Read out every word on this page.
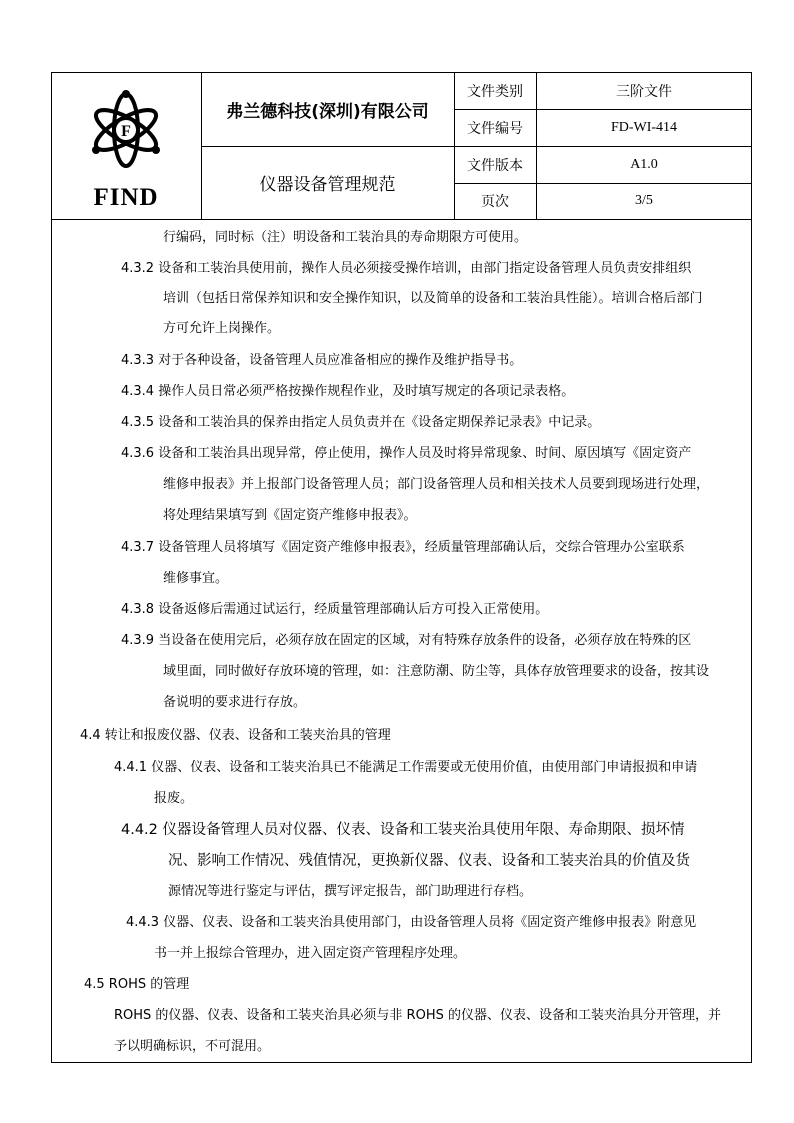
F
FIND
弗兰德科技(深圳)有限公司
仪器设备管理规范
文件类别
文件编号
文件版本
页次
三阶文件
FD-WI-414
A1.0
3/5
行编码，同时标（注）明设备和工装治具的寿命期限方可使用。
4.3.2 设备和工装治具使用前，操作人员必须接受操作培训，由部门指定设备管理人员负责安排组织
培训（包括日常保养知识和安全操作知识，以及简单的设备和工装治具性能）。培训合格后部门
方可允许上岗操作。
4.3.3 对于各种设备，设备管理人员应准备相应的操作及维护指导书。
4.3.4 操作人员日常必须严格按操作规程作业，及时填写规定的各项记录表格。
4.3.5 设备和工装治具的保养由指定人员负责并在《设备定期保养记录表》中记录。
4.3.6 设备和工装治具出现异常，停止使用，操作人员及时将异常现象、时间、原因填写《固定资产
维修申报表》并上报部门设备管理人员；部门设备管理人员和相关技术人员要到现场进行处理，
将处理结果填写到《固定资产维修申报表》。
4.3.7 设备管理人员将填写《固定资产维修申报表》，经质量管理部确认后，交综合管理办公室联系
维修事宜。
4.3.8 设备返修后需通过试运行，经质量管理部确认后方可投入正常使用。
4.3.9 当设备在使用完后，必须存放在固定的区域，对有特殊存放条件的设备，必须存放在特殊的区
域里面，同时做好存放环境的管理，如：注意防潮、防尘等，具体存放管理要求的设备，按其设
备说明的要求进行存放。
4.4 转让和报废仪器、仪表、设备和工装夹治具的管理
4.4.1 仪器、仪表、设备和工装夹治具已不能满足工作需要或无使用价值，由使用部门申请报损和申请
报废。
4.4.2 仪器设备管理人员对仪器、仪表、设备和工装夹治具使用年限、寿命期限、损坏情
况、影响工作情况、残值情况，更换新仪器、仪表、设备和工装夹治具的价值及货
源情况等进行鉴定与评估，撰写评定报告，部门助理进行存档。
4.4.3 仪器、仪表、设备和工装夹治具使用部门，由设备管理人员将《固定资产维修申报表》附意见
书一并上报综合管理办，进入固定资产管理程序处理。
4.5 ROHS 的管理
ROHS 的仪器、仪表、设备和工装夹治具必须与非 ROHS 的仪器、仪表、设备和工装夹治具分开管理，并
予以明确标识，不可混用。
